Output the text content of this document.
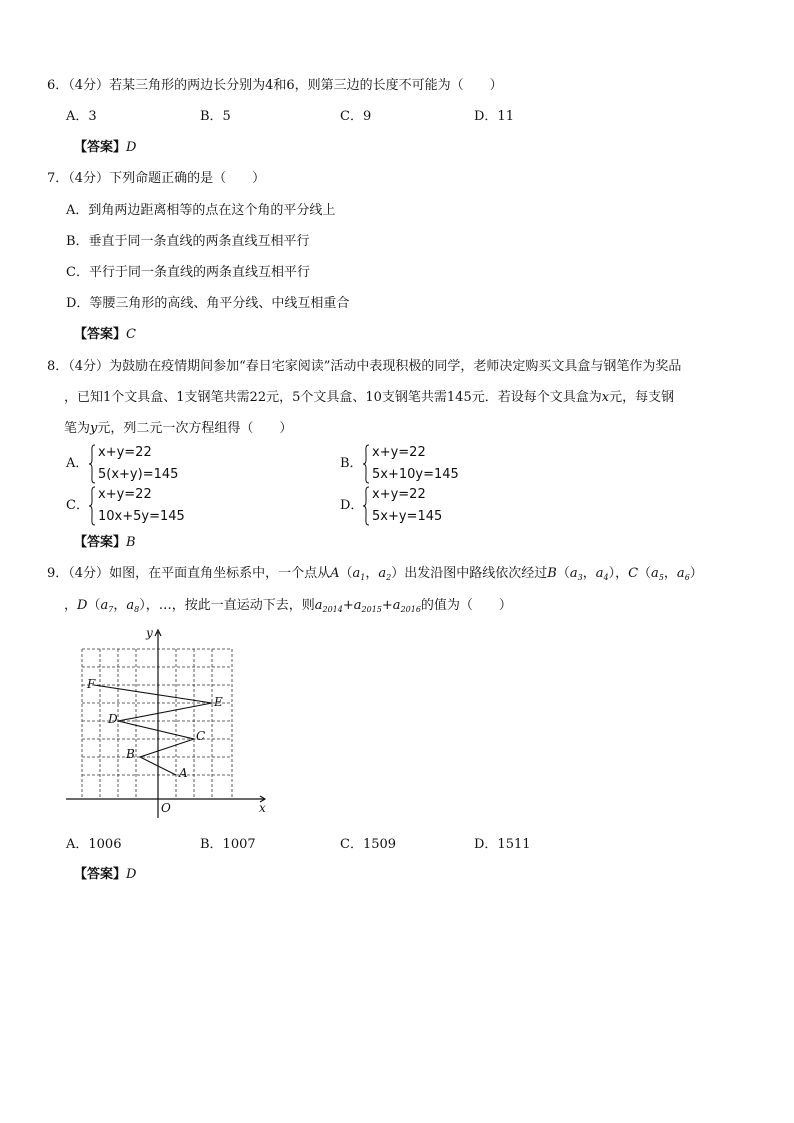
6．（4分）若某三角形的两边长分别为4和6，则第三边的长度不可能为（　　）
A．3	B．5	C．9	D．11
【答案】D
7．（4分）下列命题正确的是（　　）
A．到角两边距离相等的点在这个角的平分线上
B．垂直于同一条直线的两条直线互相平行
C．平行于同一条直线的两条直线互相平行
D．等腰三角形的高线、角平分线、中线互相重合
【答案】C
8．（4分）为鼓励在疫情期间参加“春日宅家阅读”活动中表现积极的同学，老师决定购买文具盒与钢笔作为奖品
，已知1个文具盒、1支钢笔共需22元，5个文具盒、10支钢笔共需145元．若设每个文具盒为x元，每支钢
笔为y元，列二元一次方程组得（　　）
A．
x+y=22
5(x+y)=145
B．
x+y=22
5x+10y=145
C．
x+y=22
10x+5y=145
D．
x+y=22
5x+y=145
【答案】B
9．（4分）如图，在平面直角坐标系中，一个点从$A(a_1$，$a_2$）出发沿图中路线依次经过$B(a_3$，$a_4$），$C(a_5$，$a_6$）
，$D(a_7$，$a_8$），…，按此一直运动下去，则$a_{2014}+a_{2015}+a_{2016}$的值为（　　）
y
x
O
A
B
C
D
E
F
A．1006	B．1007	C．1509	D．1511
【答案】D
